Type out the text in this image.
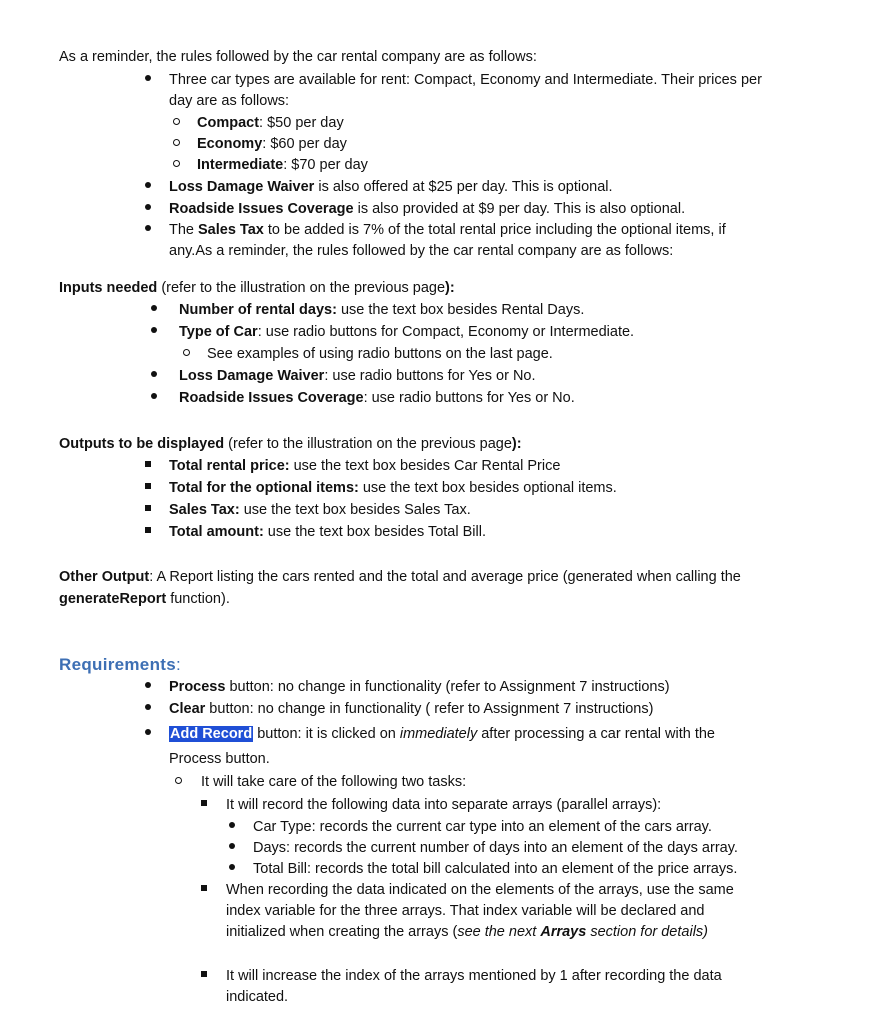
As a reminder, the rules followed by the car rental company are as follows:
Three car types are available for rent: Compact, Economy and Intermediate. Their prices per
day are as follows:
Compact: $50 per day
Economy: $60 per day
Intermediate: $70 per day
Loss Damage Waiver is also offered at $25 per day. This is optional.
Roadside Issues Coverage is also provided at $9 per day. This is also optional.
The Sales Tax to be added is 7% of the total rental price including the optional items, if
any.As a reminder, the rules followed by the car rental company are as follows:
Inputs needed (refer to the illustration on the previous page):
Number of rental days: use the text box besides Rental Days.
Type of Car: use radio buttons for Compact, Economy or Intermediate.
See examples of using radio buttons on the last page.
Loss Damage Waiver: use radio buttons for Yes or No.
Roadside Issues Coverage: use radio buttons for Yes or No.
Outputs to be displayed (refer to the illustration on the previous page):
Total rental price: use the text box besides Car Rental Price
Total for the optional items: use the text box besides optional items.
Sales Tax: use the text box besides Sales Tax.
Total amount: use the text box besides Total Bill.
Other Output: A Report listing the cars rented and the total and average price (generated when calling the
generateReport function).
Requirements:
Process button: no change in functionality (refer to Assignment 7 instructions)
Clear button: no change in functionality ( refer to Assignment 7 instructions)
Add Record button: it is clicked on immediately after processing a car rental with the
Process button.
It will take care of the following two tasks:
It will record the following data into separate arrays (parallel arrays):
Car Type: records the current car type into an element of the cars array.
Days: records the current number of days into an element of the days array.
Total Bill: records the total bill calculated into an element of the price arrays.
When recording the data indicated on the elements of the arrays, use the same
index variable for the three arrays. That index variable will be declared and
initialized when creating the arrays (see the next Arrays section for details)
It will increase the index of the arrays mentioned by 1 after recording the data
indicated.
